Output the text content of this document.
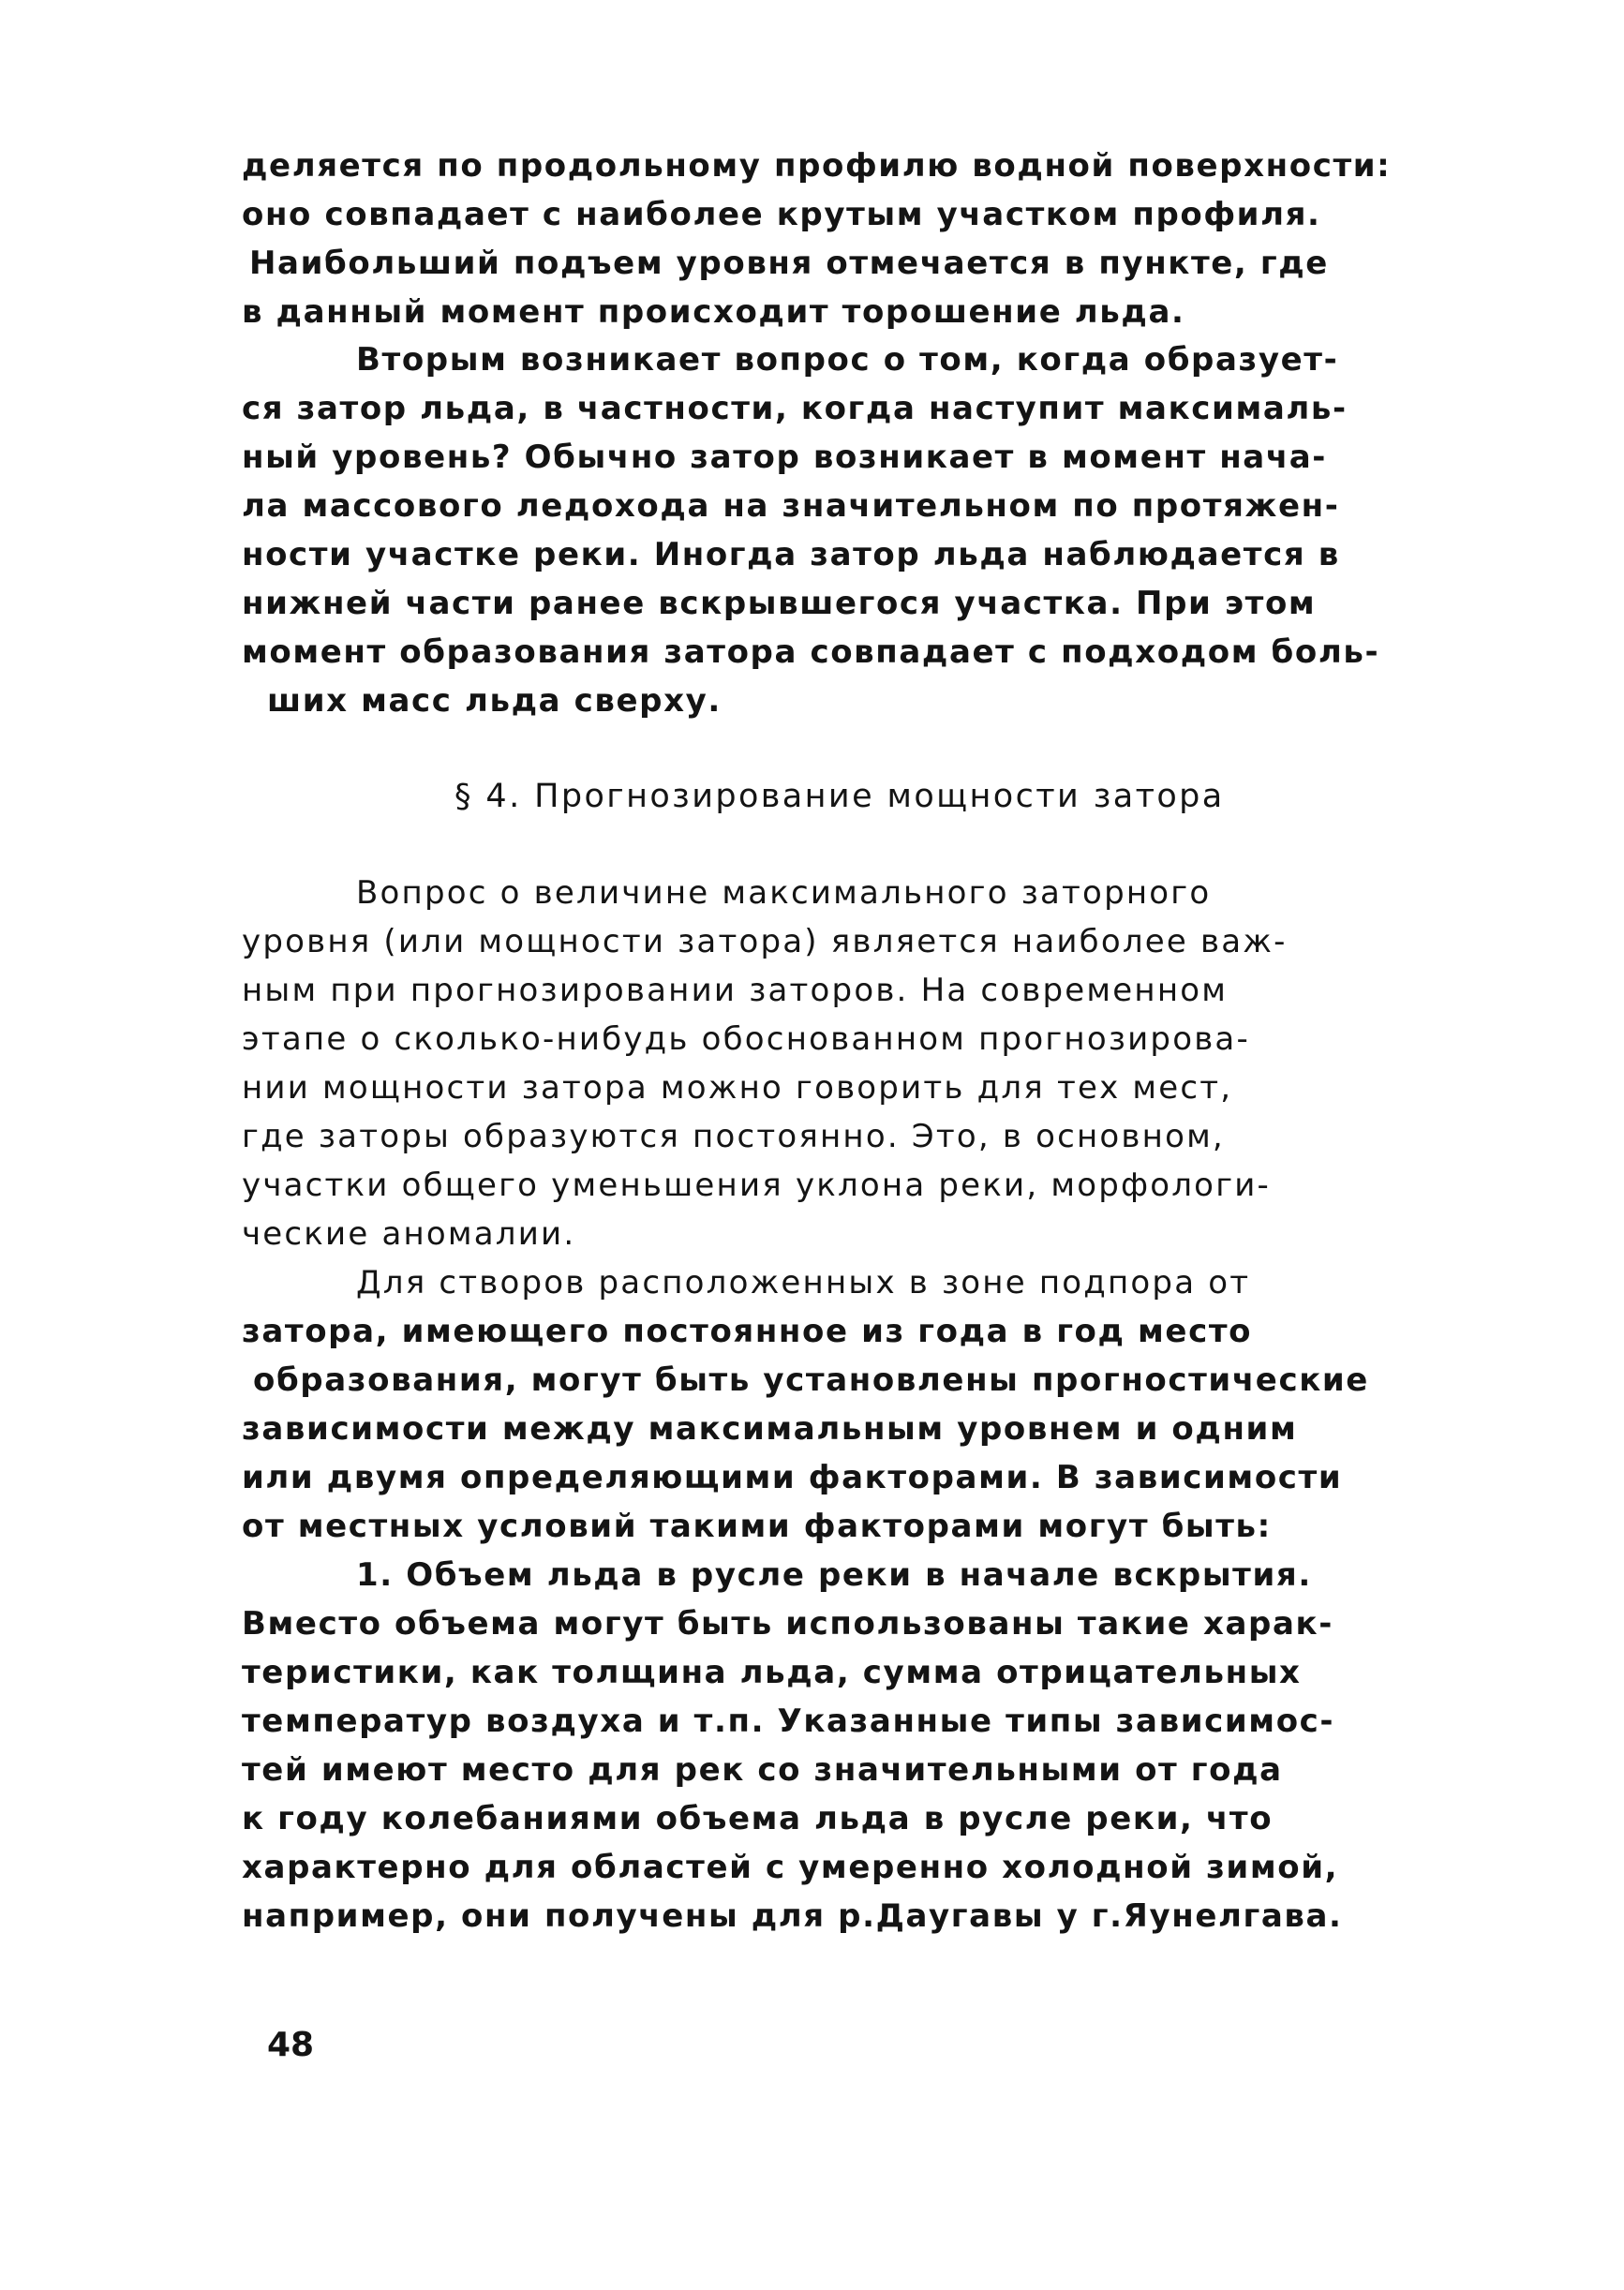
деляется по продольному профилю водной поверхности:
оно совпадает с наиболее крутым участком профиля.
Наибольший подъем уровня отмечается в пункте, где
в данный момент происходит торошение льда.
Вторым возникает вопрос о том, когда образует-
ся затор льда, в частности, когда наступит максималь-
ный уровень? Обычно затор возникает в момент нача-
ла массового ледохода на значительном по протяжен-
ности участке реки. Иногда затор льда наблюдается в
нижней части ранее вскрывшегося участка. При этом
момент образования затора совпадает с подходом боль-
ших масс льда сверху.
§ 4. Прогнозирование мощности затора
Вопрос о величине максимального заторного
уровня (или мощности затора) является наиболее важ-
ным при прогнозировании заторов. На современном
этапе о сколько-нибудь обоснованном прогнозирова-
нии мощности затора можно говорить для тех мест,
где заторы образуются постоянно. Это, в основном,
участки общего уменьшения уклона реки, морфологи-
ческие аномалии.
Для створов расположенных в зоне подпора от
затора, имеющего постоянное из года в год место
образования, могут быть установлены прогностические
зависимости между максимальным уровнем и одним
или двумя определяющими факторами. В зависимости
от местных условий такими факторами могут быть:
1. Объем льда в русле реки в начале вскрытия.
Вместо объема могут быть использованы такие харак-
теристики, как толщина льда, сумма отрицательных
температур воздуха и т.п. Указанные типы зависимос-
тей имеют место для рек со значительными от года
к году колебаниями объема льда в русле реки, что
характерно для областей с умеренно холодной зимой,
например, они получены для р.Даугавы у г.Яунелгава.
48
